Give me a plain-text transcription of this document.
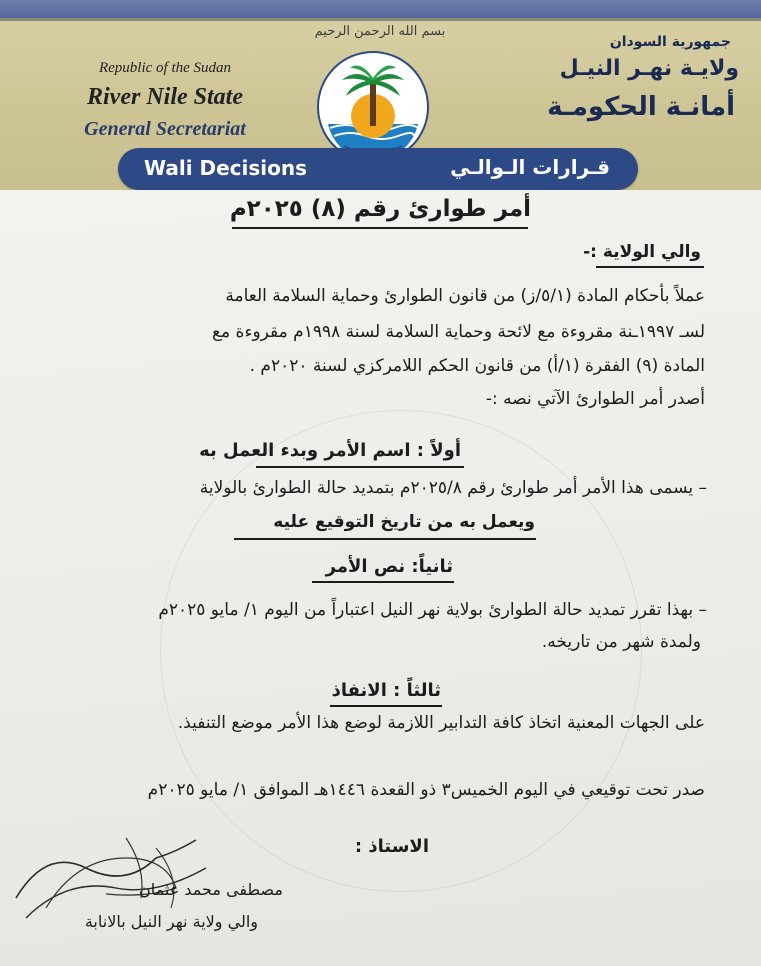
بسم الله الرحمن الرحيم
Republic of the Sudan
River Nile State
General Secretariat
جمهورية السودان
ولايـة نهـر النيـل
أمانـة الحكومـة
Wali Decisions	قـرارات الـوالـي
أمر طوارئ رقم (٨) ٢٠٢٥م
والي الولاية :-
عملاً بأحكام المادة (٥/١/ز) من قانون الطوارئ وحماية السلامة العامة
لسـ ١٩٩٧ـنة مقروءة مع لائحة وحماية السلامة لسنة ١٩٩٨م مقروءة مع
المادة (٩) الفقرة (١/أ) من قانون الحكم اللامركزي لسنة ٢٠٢٠م .
أصدر أمر الطوارئ الآتي نصه :-
أولاً : اسم الأمر وبدء العمل به
– يسمى هذا الأمر أمر طوارئ رقم ٢٠٢٥/٨م بتمديد حالة الطوارئ بالولاية
ويعمل به من تاريخ التوقيع عليه
ثانياً: نص الأمر
– بهذا تقرر تمديد حالة الطوارئ بولاية نهر النيل اعتباراً من اليوم ١/ مايو ٢٠٢٥م
ولمدة شهر من تاريخه.
ثالثاً : الانفاذ
على الجهات المعنية اتخاذ كافة التدابير اللازمة لوضع هذا الأمر موضع التنفيذ.
صدر تحت توقيعي في اليوم الخميس٣ ذو القعدة ١٤٤٦هـ الموافق ١/ مايو ٢٠٢٥م
الاستاذ :
مصطفى محمد عثمان
والي ولاية نهر النيل بالانابة
